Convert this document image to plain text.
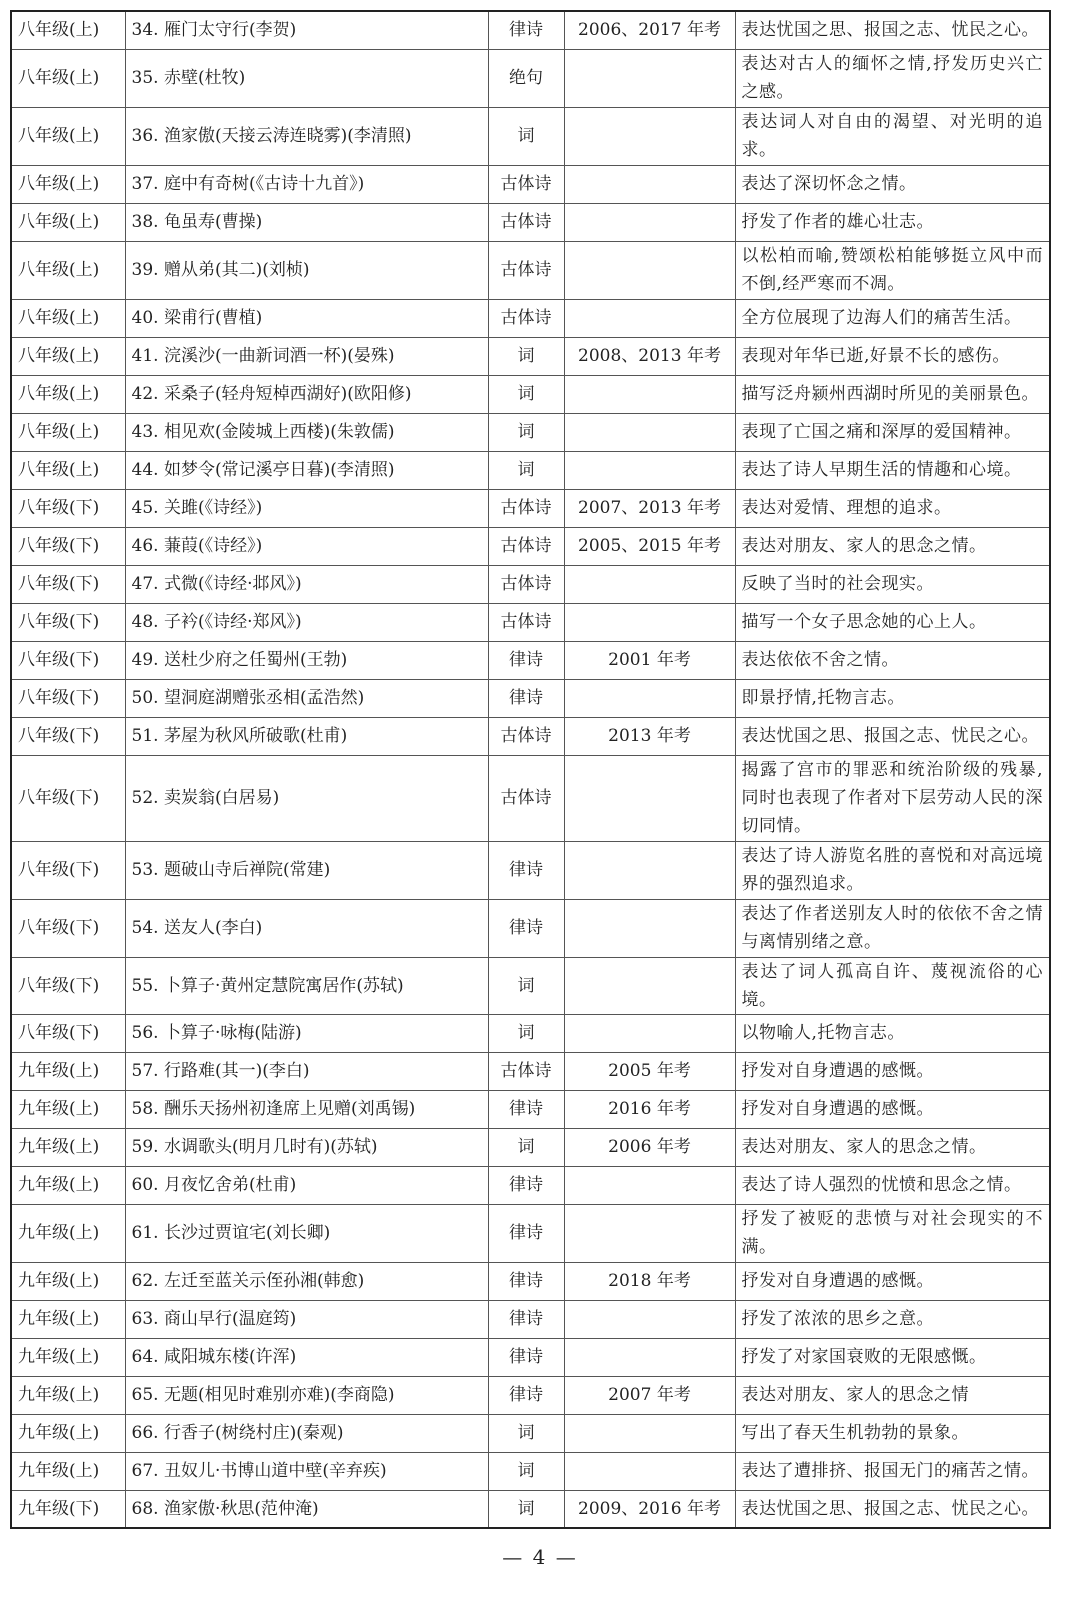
八年级(上)	34. 雁门太守行(李贺)	律诗	2006、2017 年考	表达忧国之思、报国之志、忧民之心。
八年级(上)	35. 赤壁(杜牧)	绝句		表达对古人的缅怀之情,抒发历史兴亡之感。
八年级(上)	36. 渔家傲(天接云涛连晓雾)(李清照)	词		表达词人对自由的渴望、对光明的追求。
八年级(上)	37. 庭中有奇树(《古诗十九首》)	古体诗		表达了深切怀念之情。
八年级(上)	38. 龟虽寿(曹操)	古体诗		抒发了作者的雄心壮志。
八年级(上)	39. 赠从弟(其二)(刘桢)	古体诗		以松柏而喻,赞颂松柏能够挺立风中而不倒,经严寒而不凋。
八年级(上)	40. 梁甫行(曹植)	古体诗		全方位展现了边海人们的痛苦生活。
八年级(上)	41. 浣溪沙(一曲新词酒一杯)(晏殊)	词	2008、2013 年考	表现对年华已逝,好景不长的感伤。
八年级(上)	42. 采桑子(轻舟短棹西湖好)(欧阳修)	词		描写泛舟颍州西湖时所见的美丽景色。
八年级(上)	43. 相见欢(金陵城上西楼)(朱敦儒)	词		表现了亡国之痛和深厚的爱国精神。
八年级(上)	44. 如梦令(常记溪亭日暮)(李清照)	词		表达了诗人早期生活的情趣和心境。
八年级(下)	45. 关雎(《诗经》)	古体诗	2007、2013 年考	表达对爱情、理想的追求。
八年级(下)	46. 蒹葭(《诗经》)	古体诗	2005、2015 年考	表达对朋友、家人的思念之情。
八年级(下)	47. 式微(《诗经·邶风》)	古体诗		反映了当时的社会现实。
八年级(下)	48. 子衿(《诗经·郑风》)	古体诗		描写一个女子思念她的心上人。
八年级(下)	49. 送杜少府之任蜀州(王勃)	律诗	2001 年考	表达依依不舍之情。
八年级(下)	50. 望洞庭湖赠张丞相(孟浩然)	律诗		即景抒情,托物言志。
八年级(下)	51. 茅屋为秋风所破歌(杜甫)	古体诗	2013 年考	表达忧国之思、报国之志、忧民之心。
八年级(下)	52. 卖炭翁(白居易)	古体诗		揭露了宫市的罪恶和统治阶级的残暴,同时也表现了作者对下层劳动人民的深切同情。
八年级(下)	53. 题破山寺后禅院(常建)	律诗		表达了诗人游览名胜的喜悦和对高远境界的强烈追求。
八年级(下)	54. 送友人(李白)	律诗		表达了作者送别友人时的依依不舍之情与离情别绪之意。
八年级(下)	55. 卜算子·黄州定慧院寓居作(苏轼)	词		表达了词人孤高自许、蔑视流俗的心境。
八年级(下)	56. 卜算子·咏梅(陆游)	词		以物喻人,托物言志。
九年级(上)	57. 行路难(其一)(李白)	古体诗	2005 年考	抒发对自身遭遇的感慨。
九年级(上)	58. 酬乐天扬州初逢席上见赠(刘禹锡)	律诗	2016 年考	抒发对自身遭遇的感慨。
九年级(上)	59. 水调歌头(明月几时有)(苏轼)	词	2006 年考	表达对朋友、家人的思念之情。
九年级(上)	60. 月夜忆舍弟(杜甫)	律诗		表达了诗人强烈的忧愤和思念之情。
九年级(上)	61. 长沙过贾谊宅(刘长卿)	律诗		抒发了被贬的悲愤与对社会现实的不满。
九年级(上)	62. 左迁至蓝关示侄孙湘(韩愈)	律诗	2018 年考	抒发对自身遭遇的感慨。
九年级(上)	63. 商山早行(温庭筠)	律诗		抒发了浓浓的思乡之意。
九年级(上)	64. 咸阳城东楼(许浑)	律诗		抒发了对家国衰败的无限感慨。
九年级(上)	65. 无题(相见时难别亦难)(李商隐)	律诗	2007 年考	表达对朋友、家人的思念之情
九年级(上)	66. 行香子(树绕村庄)(秦观)	词		写出了春天生机勃勃的景象。
九年级(上)	67. 丑奴儿·书博山道中壁(辛弃疾)	词		表达了遭排挤、报国无门的痛苦之情。
九年级(下)	68. 渔家傲·秋思(范仲淹)	词	2009、2016 年考	表达忧国之思、报国之志、忧民之心。
— 4 —
